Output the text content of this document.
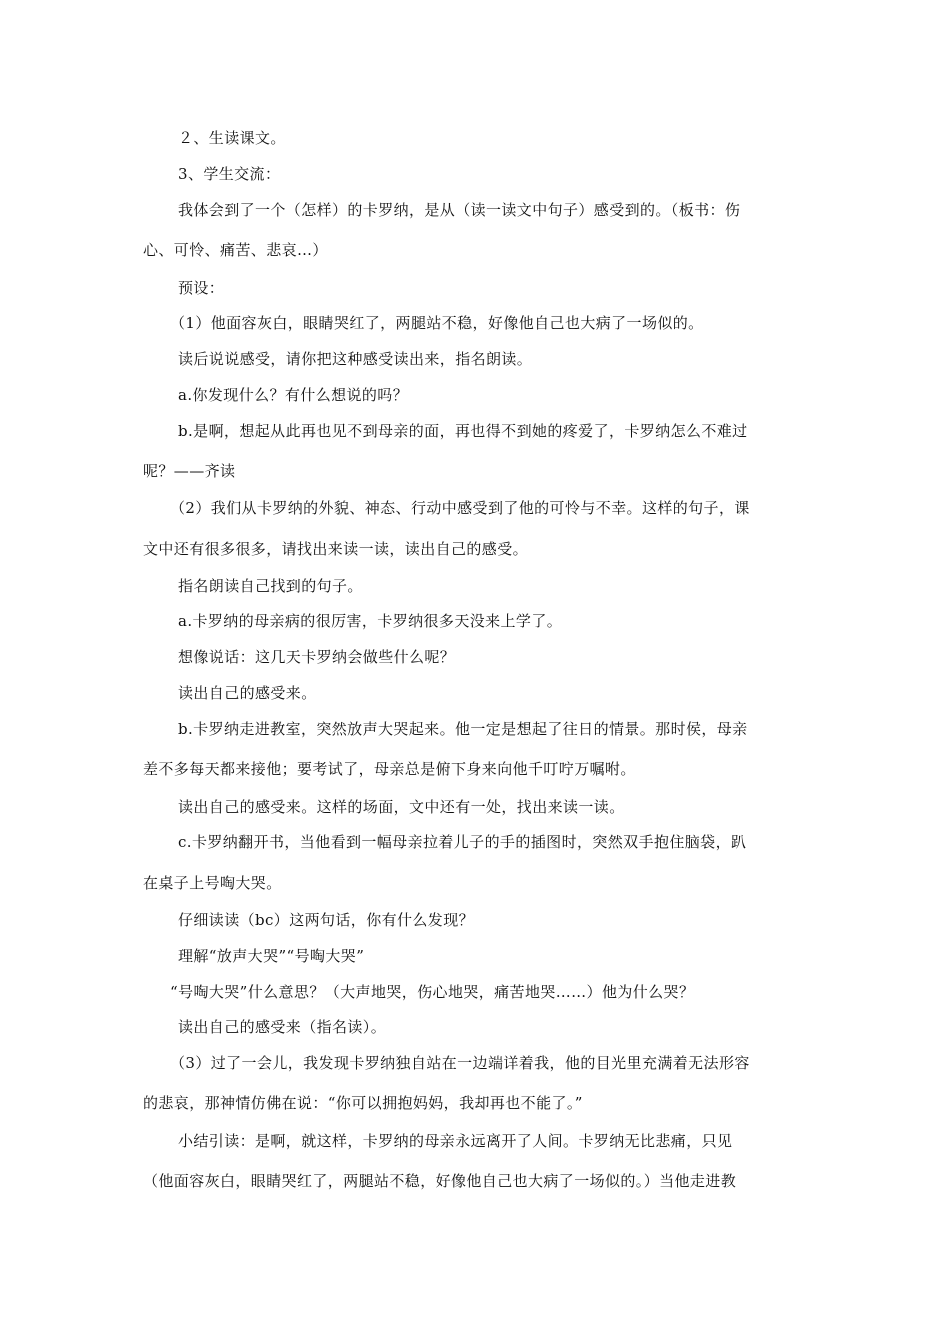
２、生读课文。
3、学生交流：
我体会到了一个（怎样）的卡罗纳，是从（读一读文中句子）感受到的。（板书：伤
心、可怜、痛苦、悲哀…）
预设：
（1）他面容灰白，眼睛哭红了，两腿站不稳，好像他自己也大病了一场似的。
读后说说感受，请你把这种感受读出来，指名朗读。
a.你发现什么？有什么想说的吗？
b.是啊，想起从此再也见不到母亲的面，再也得不到她的疼爱了，卡罗纳怎么不难过
呢？——齐读
（2）我们从卡罗纳的外貌、神态、行动中感受到了他的可怜与不幸。这样的句子，课
文中还有很多很多，请找出来读一读，读出自己的感受。
指名朗读自己找到的句子。
a.卡罗纳的母亲病的很厉害，卡罗纳很多天没来上学了。
想像说话：这几天卡罗纳会做些什么呢？
读出自己的感受来。
b.卡罗纳走进教室，突然放声大哭起来。他一定是想起了往日的情景。那时侯，母亲
差不多每天都来接他；要考试了，母亲总是俯下身来向他千叮咛万嘱咐。
读出自己的感受来。这样的场面，文中还有一处，找出来读一读。
c.卡罗纳翻开书，当他看到一幅母亲拉着儿子的手的插图时，突然双手抱住脑袋，趴
在桌子上号啕大哭。
仔细读读（bc）这两句话，你有什么发现？
理解“放声大哭”“号啕大哭”
“号啕大哭”什么意思？（大声地哭，伤心地哭，痛苦地哭……）他为什么哭？
读出自己的感受来（指名读）。
（3）过了一会儿，我发现卡罗纳独自站在一边端详着我，他的目光里充满着无法形容
的悲哀，那神情仿佛在说：“你可以拥抱妈妈，我却再也不能了。”
小结引读：是啊，就这样，卡罗纳的母亲永远离开了人间。卡罗纳无比悲痛，只见
（他面容灰白，眼睛哭红了，两腿站不稳，好像他自己也大病了一场似的。）当他走进教
